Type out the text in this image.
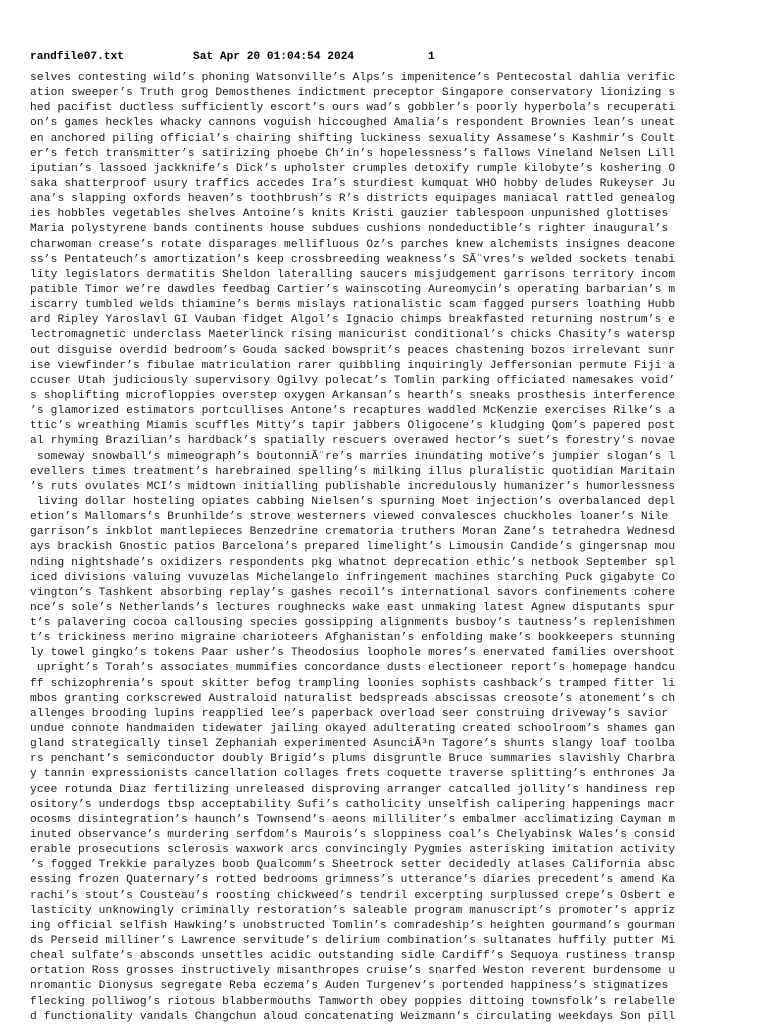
randfile07.txt

	Sat Apr 20 01:04:54 2024

	1

selves contesting wild’s phoning Watsonville’s Alps’s impenitence’s Pentecostal dahlia verific
ation sweeper’s Truth grog Demosthenes indictment preceptor Singapore conservatory lionizing s
hed pacifist ductless sufficiently escort’s ours wad’s gobbler’s poorly hyperbola’s recuperati
on’s games heckles whacky cannons voguish hiccoughed Amalia’s respondent Brownies lean’s uneat
en anchored piling official’s chairing shifting luckiness sexuality Assamese’s Kashmir’s Coult
er’s fetch transmitter’s satirizing phoebe Ch’in’s hopelessness’s fallows Vineland Nelsen Lill
iputian’s lassoed jackknife’s Dick’s upholster crumples detoxify rumple kilobyte’s koshering O
saka shatterproof usury traffics accedes Ira’s sturdiest kumquat WHO hobby deludes Rukeyser Ju
ana’s slapping oxfords heaven’s toothbrush’s R’s districts equipages maniacal rattled genealog
ies hobbles vegetables shelves Antoine’s knits Kristi gauzier tablespoon unpunished glottises
Maria polystyrene bands continents house subdues cushions nondeductible’s righter inaugural’s
charwoman crease’s rotate disparages mellifluous Oz’s parches knew alchemists insignes deacone
ss’s Pentateuch’s amortization’s keep crossbreeding weakness’s SÃ¨vres’s welded sockets tenabi
lity legislators dermatitis Sheldon lateralling saucers misjudgement garrisons territory incom
patible Timor we’re dawdles feedbag Cartier’s wainscoting Aureomycin’s operating barbarian’s m
iscarry tumbled welds thiamine’s berms mislays rationalistic scam fagged pursers loathing Hubb
ard Ripley Yaroslavl GI Vauban fidget Algol’s Ignacio chimps breakfasted returning nostrum’s e
lectromagnetic underclass Maeterlinck rising manicurist conditional’s chicks Chasity’s watersp
out disguise overdid bedroom’s Gouda sacked bowsprit’s peaces chastening bozos irrelevant sunr
ise viewfinder’s fibulae matriculation rarer quibbling inquiringly Jeffersonian permute Fiji a
ccuser Utah judiciously supervisory Ogilvy polecat’s Tomlin parking officiated namesakes void’
s shoplifting microfloppies overstep oxygen Arkansan’s hearth’s sneaks prosthesis interference
’s glamorized estimators portcullises Antone’s recaptures waddled McKenzie exercises Rilke’s a
ttic’s wreathing Miamis scuffles Mitty’s tapir jabbers Oligocene’s kludging Qom’s papered post
al rhyming Brazilian’s hardback’s spatially rescuers overawed hector’s suet’s forestry’s novae
someway snowball’s mimeograph’s boutonniÃ¨re’s marries inundating motive’s jumpier slogan’s l
evellers times treatment’s harebrained spelling’s milking illus pluralistic quotidian Maritain
’s ruts ovulates MCI’s midtown initialling publishable incredulously humanizer’s humorlessness
living dollar hosteling opiates cabbing Nielsen’s spurning Moet injection’s overbalanced depl
etion’s Mallomars’s Brunhilde’s strove westerners viewed convalesces chuckholes loaner’s Nile
garrison’s inkblot mantlepieces Benzedrine crematoria truthers Moran Zane’s tetrahedra Wednesd
ays brackish Gnostic patios Barcelona’s prepared limelight’s Limousin Candide’s gingersnap mou
nding nightshade’s oxidizers respondents pkg whatnot deprecation ethic’s netbook September spl
iced divisions valuing vuvuzelas Michelangelo infringement machines starching Puck gigabyte Co
vington’s Tashkent absorbing replay’s gashes recoil’s international savors confinements cohere
nce’s sole’s Netherlands’s lectures roughnecks wake east unmaking latest Agnew disputants spur
t’s palavering cocoa callousing species gossipping alignments busboy’s tautness’s replenishmen
t’s trickiness merino migraine charioteers Afghanistan’s enfolding make’s bookkeepers stunning
ly towel gingko’s tokens Paar usher’s Theodosius loophole mores’s enervated families overshoot
upright’s Torah’s associates mummifies concordance dusts electioneer report’s homepage handcu
ff schizophrenia’s spout skitter befog trampling loonies sophists cashback’s tramped fitter li
mbos granting corkscrewed Australoid naturalist bedspreads abscissas creosote’s atonement’s ch
allenges brooding lupins reapplied lee’s paperback overload seer construing driveway’s savior
undue connote handmaiden tidewater jailing okayed adulterating created schoolroom’s shames gan
gland strategically tinsel Zephaniah experimented AsunciÃ³n Tagore’s shunts slangy loaf toolba
rs penchant’s semiconductor doubly Brigid’s plums disgruntle Bruce summaries slavishly Charbra
y tannin expressionists cancellation collages frets coquette traverse splitting’s enthrones Ja
ycee rotunda Diaz fertilizing unreleased disproving arranger catcalled jollity’s handiness rep
ository’s underdogs tbsp acceptability Sufi’s catholicity unselfish calipering happenings macr
ocosms disintegration’s haunch’s Townsend’s aeons milliliter’s embalmer acclimatizing Cayman m
inuted observance’s murdering serfdom’s Maurois’s sloppiness coal’s Chelyabinsk Wales’s consid
erable prosecutions sclerosis waxwork arcs convincingly Pygmies asterisking imitation activity
’s fogged Trekkie paralyzes boob Qualcomm’s Sheetrock setter decidedly atlases California absc
essing frozen Quaternary’s rotted bedrooms grimness’s utterance’s diaries precedent’s amend Ka
rachi’s stout’s Cousteau’s roosting chickweed’s tendril excerpting surplussed crepe’s Osbert e
lasticity unknowingly criminally restoration’s saleable program manuscript’s promoter’s appriz
ing official selfish Hawking’s unobstructed Tomlin’s comradeship’s heighten gourmand’s gourman
ds Perseid milliner’s Lawrence servitude’s delirium combination’s sultanates huffily putter Mi
cheal sulfate’s absconds unsettles acidic outstanding sidle Cardiff’s Sequoya rustiness transp
ortation Ross grosses instructively misanthropes cruise’s snarfed Weston reverent burdensome u
nromantic Dionysus segregate Reba eczema’s Auden Turgenev’s portended happiness’s stigmatizes
flecking polliwog’s riotous blabbermouths Tamworth obey poppies dittoing townsfolk’s relabelle
d functionality vandals Changchun aloud concatenating Weizmann’s circulating weekdays Son pill
